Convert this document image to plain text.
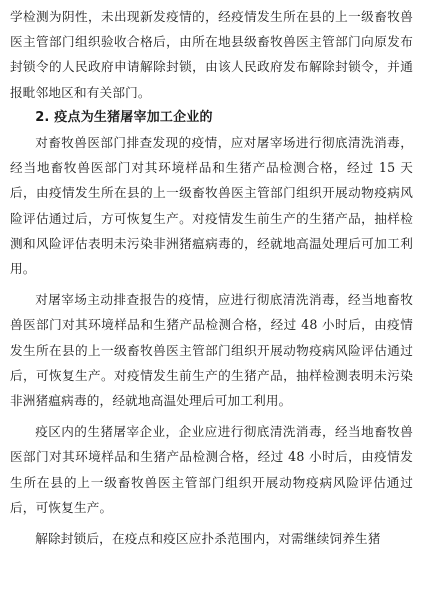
学检测为阴性，未出现新发疫情的，经疫情发生所在县的上一级畜牧兽医主管部门组织验收合格后，由所在地县级畜牧兽医主管部门向原发布封锁令的人民政府申请解除封锁，由该人民政府发布解除封锁令，并通报毗邻地区和有关部门。

2. 疫点为生猪屠宰加工企业的

对畜牧兽医部门排查发现的疫情，应对屠宰场进行彻底清洗消毒，经当地畜牧兽医部门对其环境样品和生猪产品检测合格，经过 15 天后，由疫情发生所在县的上一级畜牧兽医主管部门组织开展动物疫病风险评估通过后，方可恢复生产。对疫情发生前生产的生猪产品，抽样检测和风险评估表明未污染非洲猪瘟病毒的，经就地高温处理后可加工利用。

对屠宰场主动排查报告的疫情，应进行彻底清洗消毒，经当地畜牧兽医部门对其环境样品和生猪产品检测合格，经过 48 小时后，由疫情发生所在县的上一级畜牧兽医主管部门组织开展动物疫病风险评估通过后，可恢复生产。对疫情发生前生产的生猪产品，抽样检测表明未污染非洲猪瘟病毒的，经就地高温处理后可加工利用。

疫区内的生猪屠宰企业，企业应进行彻底清洗消毒，经当地畜牧兽医部门对其环境样品和生猪产品检测合格，经过 48 小时后，由疫情发生所在县的上一级畜牧兽医主管部门组织开展动物疫病风险评估通过后，可恢复生产。

解除封锁后，在疫点和疫区应扑杀范围内，对需继续饲养生猪
